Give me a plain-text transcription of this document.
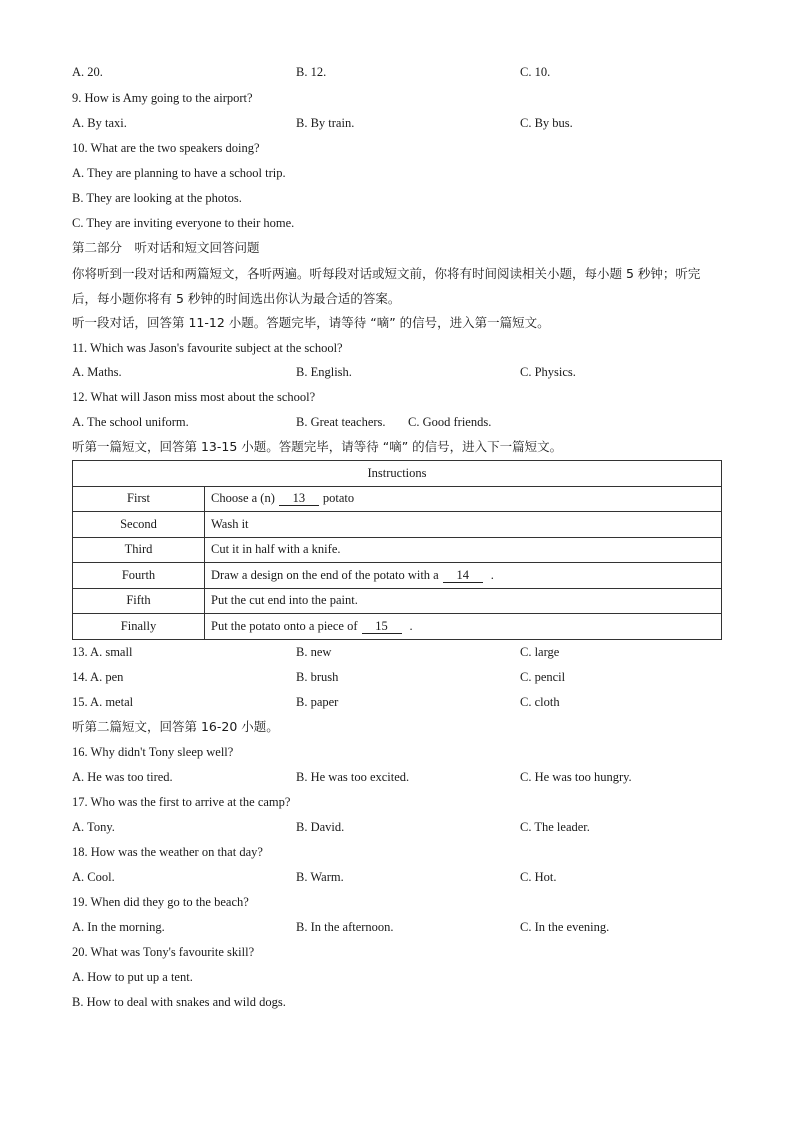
A. 20.	B. 12.	C. 10.
9. How is Amy going to the airport?
A. By taxi.	B. By train.	C. By bus.
10. What are the two speakers doing?
A. They are planning to have a school trip.
B. They are looking at the photos.
C. They are inviting everyone to their home.
第二部分　听对话和短文回答问题
你将听到一段对话和两篇短文，各听两遍。听每段对话或短文前，你将有时间阅读相关小题，每小题 5 秒钟；听完后，每小题你将有 5 秒钟的时间选出你认为最合适的答案。
听一段对话，回答第 11-12 小题。答题完毕，请等待 “嘀” 的信号，进入第一篇短文。
11. Which was Jason's favourite subject at the school?
A. Maths.	B. English.	C. Physics.
12. What will Jason miss most about the school?
A. The school uniform.	B. Great teachers. C. Good friends.
听第一篇短文，回答第 13-15 小题。答题完毕，请等待 “嘀” 的信号，进入下一篇短文。
Instructions	
First	Choose a (n) 13 potato
Second	Wash it
Third	Cut it in half with a knife.
Fourth	Draw a design on the end of the potato with a 14 .
Fifth	Put the cut end into the paint.
Finally	Put the potato onto a piece of 15 .
13. A. small	B. new	C. large
14. A. pen	B. brush	C. pencil
15. A. metal	B. paper	C. cloth
听第二篇短文，回答第 16-20 小题。
16. Why didn't Tony sleep well?
A. He was too tired.	B. He was too excited.	C. He was too hungry.
17. Who was the first to arrive at the camp?
A. Tony.	B. David.	C. The leader.
18. How was the weather on that day?
A. Cool.	B. Warm.	C. Hot.
19. When did they go to the beach?
A. In the morning.	B. In the afternoon.	C. In the evening.
20. What was Tony's favourite skill?
A. How to put up a tent.
B. How to deal with snakes and wild dogs.
